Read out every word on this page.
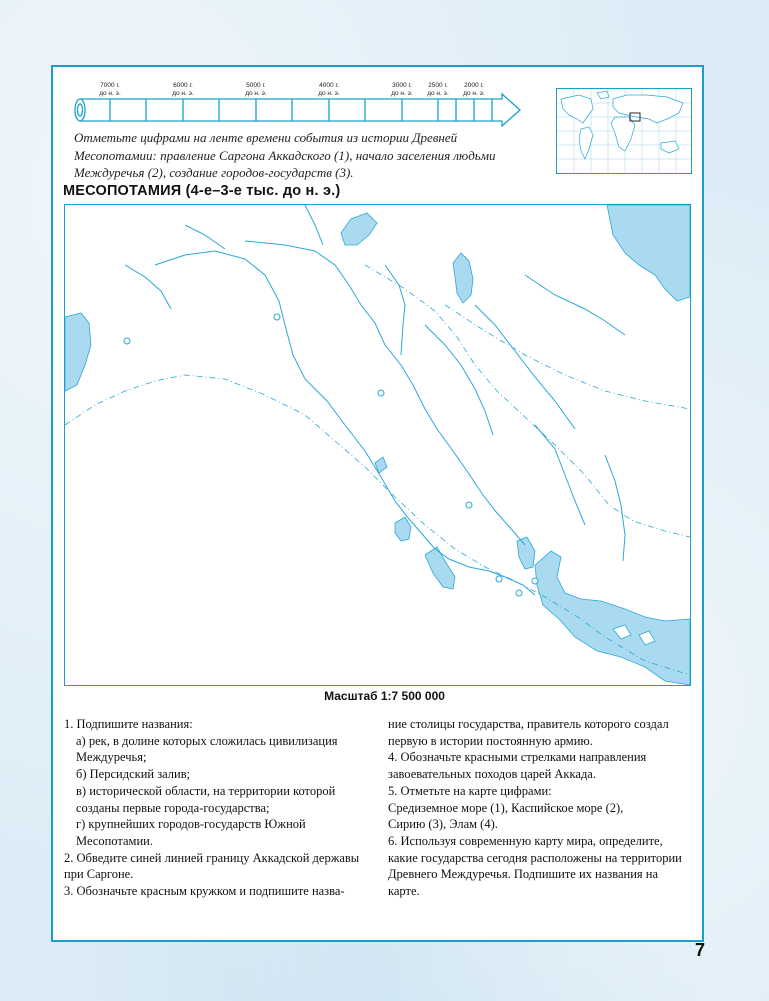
7000 г.
до н. э.
6000 г.
до н. э.
5000 г.
до н. э.
4000 г.
до н. э.
3000 г.
до н. э.
2500 г.
до н. э.
2000 г.
до н. э.
Отметьте цифрами на ленте времени события из истории Древней Месопотамии: правление Саргона Аккадского (1), начало заселения людьми Междуречья (2), создание городов-государств (3).
МЕСОПОТАМИЯ (4-е–3-е тыс. до н. э.)
Масштаб 1:7 500 000

1. Подпишите названия:

а) рек, в долине которых сложилась цивилизация Междуречья;

б) Персидский залив;

в) исторической области, на территории которой созданы первые города-государства;

г) крупнейших городов-государств Южной Месопотамии.

2. Обведите синей линией границу Аккадской державы при Саргоне.

3. Обозначьте красным кружком и подпишите назва-

ние столицы государства, правитель которого создал первую в истории постоянную армию.

4. Обозначьте красными стрелками направления завоевательных походов царей Аккада.

5. Отметьте на карте цифрами:

Средиземное море (1), Каспийское море (2),

Сирию (3), Элам (4).

6. Используя современную карту мира, определите, какие государства сегодня расположены на территории Древнего Междуречья. Подпишите их названия на карте.

7
